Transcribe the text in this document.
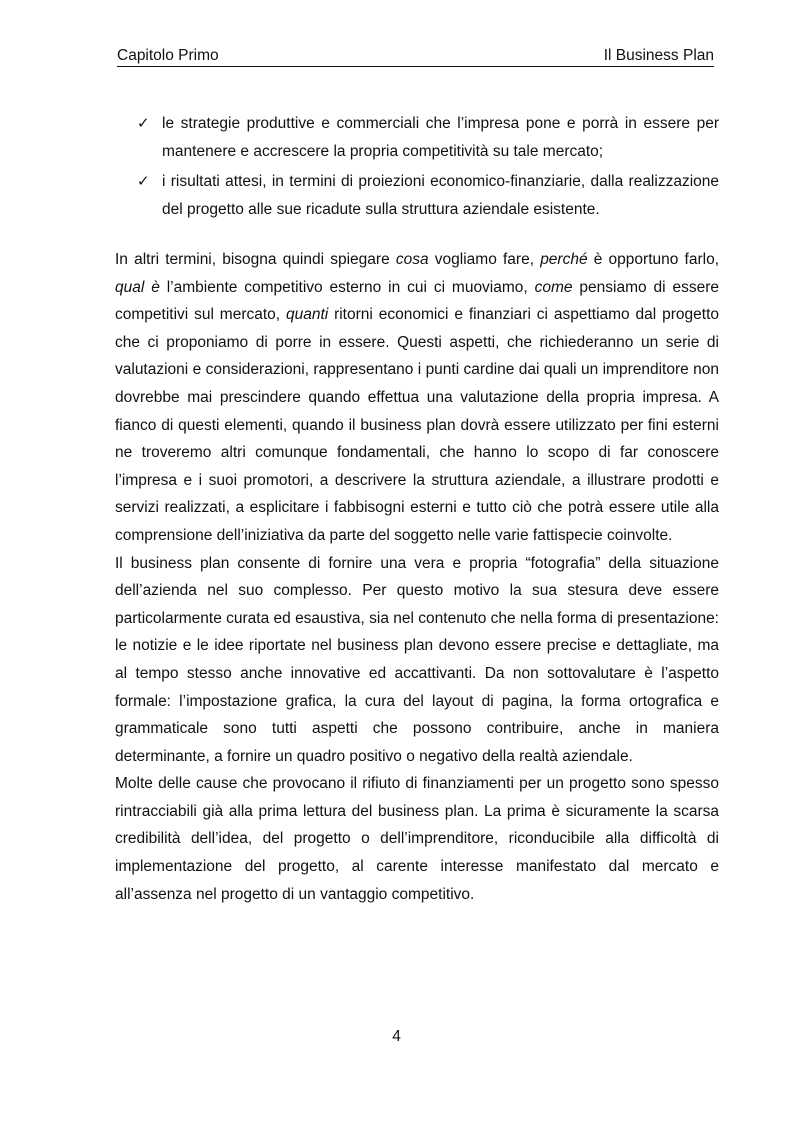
Capitolo Primo	Il Business Plan
✓ le strategie produttive e commerciali che l’impresa pone e porrà in essere per mantenere e accrescere la propria competitività su tale mercato;
✓ i risultati attesi, in termini di proiezioni economico-finanziarie, dalla realizzazione del progetto alle sue ricadute sulla struttura aziendale esistente.

In altri termini, bisogna quindi spiegare cosa vogliamo fare, perché è opportuno farlo, qual è l’ambiente competitivo esterno in cui ci muoviamo, come pensiamo di essere competitivi sul mercato, quanti ritorni economici e finanziari ci aspettiamo dal progetto che ci proponiamo di porre in essere. Questi aspetti, che richiederanno un serie di valutazioni e considerazioni, rappresentano i punti cardine dai quali un imprenditore non dovrebbe mai prescindere quando effettua una valutazione della propria impresa. A fianco di questi elementi, quando il business plan dovrà essere utilizzato per fini esterni ne troveremo altri comunque fondamentali, che hanno lo scopo di far conoscere l’impresa e i suoi promotori, a descrivere la struttura aziendale, a illustrare prodotti e servizi realizzati, a esplicitare i fabbisogni esterni e tutto ciò che potrà essere utile alla comprensione dell’iniziativa da parte del soggetto nelle varie fattispecie coinvolte.

Il business plan consente di fornire una vera e propria “fotografia” della situazione dell’azienda nel suo complesso. Per questo motivo la sua stesura deve essere particolarmente curata ed esaustiva, sia nel contenuto che nella forma di presentazione: le notizie e le idee riportate nel business plan devono essere precise e dettagliate, ma al tempo stesso anche innovative ed accattivanti. Da non sottovalutare è l’aspetto formale: l’impostazione grafica, la cura del layout di pagina, la forma ortografica e grammaticale sono tutti aspetti che possono contribuire, anche in maniera determinante, a fornire un quadro positivo o negativo della realtà aziendale.

Molte delle cause che provocano il rifiuto di finanziamenti per un progetto sono spesso rintracciabili già alla prima lettura del business plan. La prima è sicuramente la scarsa credibilità dell’idea, del progetto o dell’imprenditore, riconducibile alla difficoltà di implementazione del progetto, al carente interesse manifestato dal mercato e all’assenza nel progetto di un vantaggio competitivo.

4
